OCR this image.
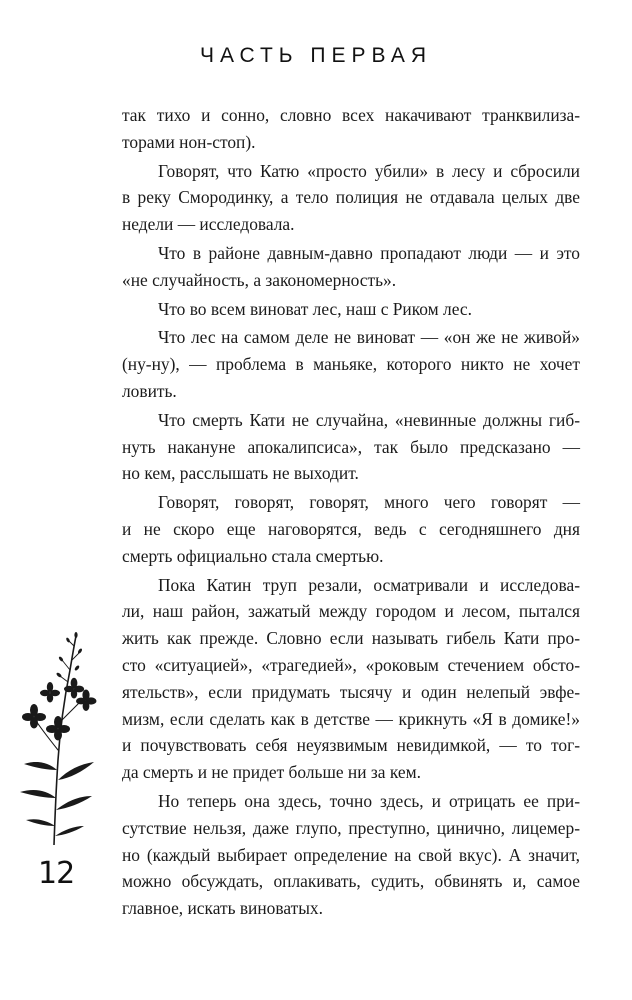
ЧАСТЬ ПЕРВАЯ
так тихо и сонно, словно всех накачивают транквилиза-
торами нон-стоп).
Говорят, что Катю «просто убили» в лесу и сбросили
в реку Смородинку, а тело полиция не отдавала целых две
недели — исследовала.
Что в районе давным-давно пропадают люди — и это
«не случайность, а закономерность».
Что во всем виноват лес, наш с Риком лес.
Что лес на самом деле не виноват — «он же не живой»
(ну-ну), — проблема в маньяке, которого никто не хочет
ловить.
Что смерть Кати не случайна, «невинные должны гиб-
нуть накануне апокалипсиса», так было предсказано —
но кем, расслышать не выходит.
Говорят, говорят, говорят, много чего говорят —
и не скоро еще наговорятся, ведь с сегодняшнего дня
смерть официально стала смертью.
Пока Катин труп резали, осматривали и исследова-
ли, наш район, зажатый между городом и лесом, пытался
жить как прежде. Словно если называть гибель Кати про-
сто «ситуацией», «трагедией», «роковым стечением обсто-
ятельств», если придумать тысячу и один нелепый эвфе-
мизм, если сделать как в детстве — крикнуть «Я в домике!»
и почувствовать себя неуязвимым невидимкой, — то тог-
да смерть и не придет больше ни за кем.
Но теперь она здесь, точно здесь, и отрицать ее при-
сутствие нельзя, даже глупо, преступно, цинично, лицемер-
но (каждый выбирает определение на свой вкус). А значит,
можно обсуждать, оплакивать, судить, обвинять и, самое
главное, искать виноватых.
12
